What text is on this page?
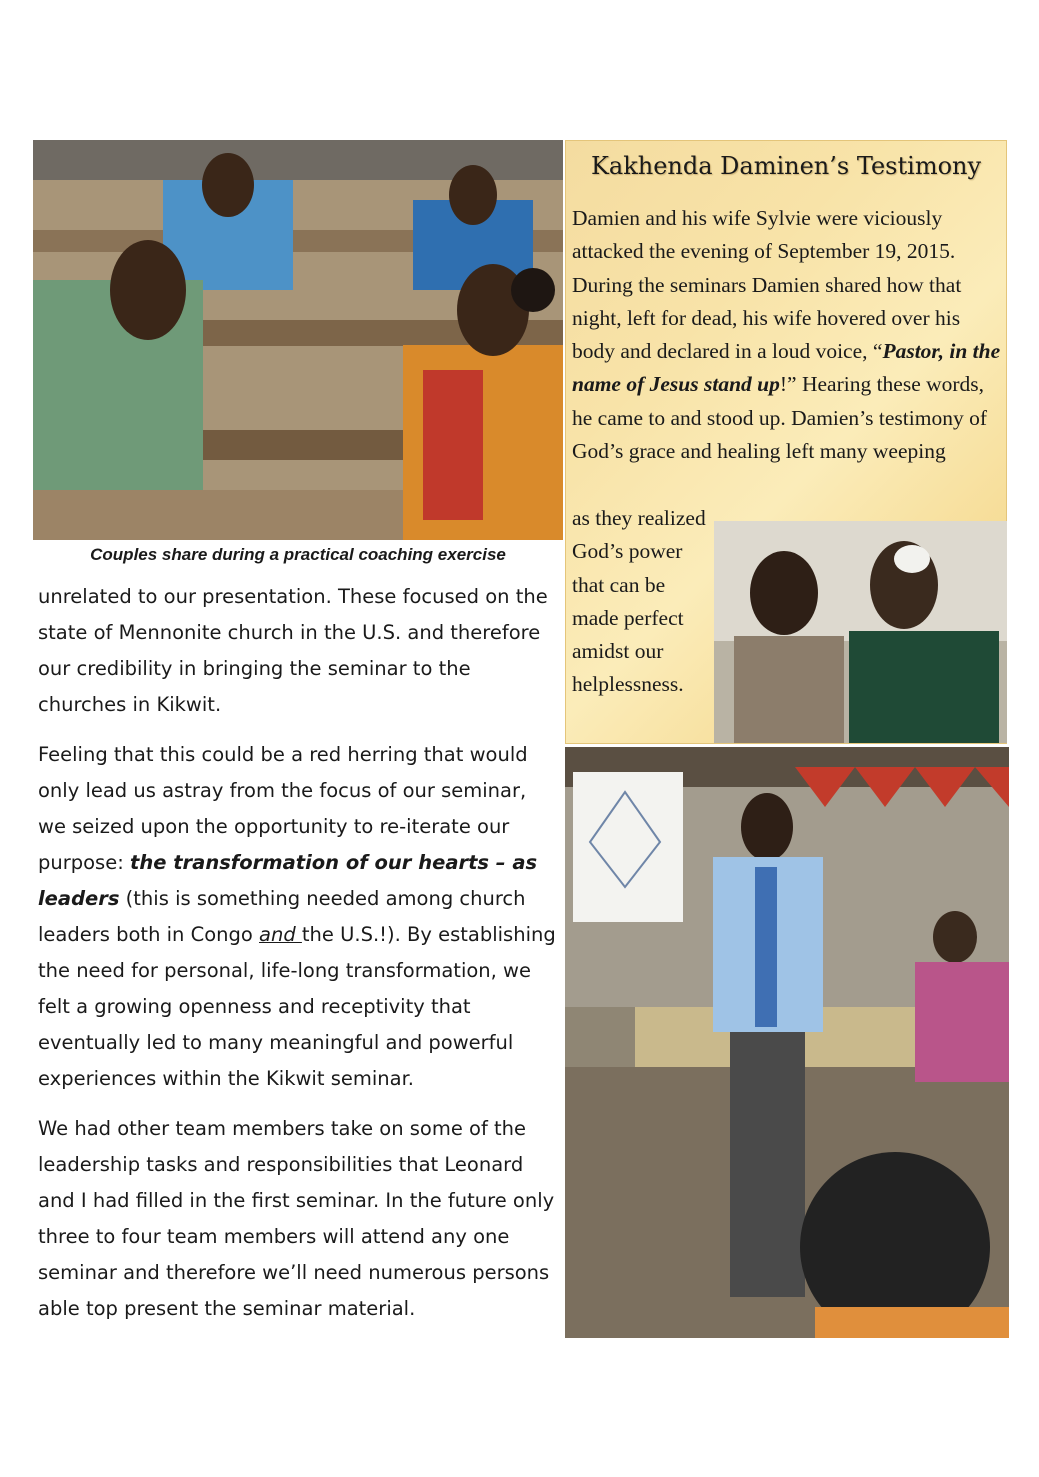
Couples share during a practical coaching exercise

unrelated to our presentation. These focused on the state of Mennonite church in the U.S. and therefore our credibility in bringing the seminar to the churches in Kikwit.

Feeling that this could be a red herring that would only lead us astray from the focus of our seminar, we seized upon the opportunity to re-iterate our purpose: the transformation of our hearts – as leaders (this is something needed among church leaders both in Congo and the U.S.!). By establishing the need for personal, life-long transformation, we felt a growing openness and receptivity that eventually led to many meaningful and powerful experiences within the Kikwit seminar.

We had other team members take on some of the leadership tasks and responsibilities that Leonard and I had filled in the first seminar. In the future only three to four team members will attend any one seminar and therefore we’ll need numerous persons able top present the seminar material.

Kakhenda Daminen’s Testimony
Damien and his wife Sylvie were viciously attacked the evening of September 19, 2015. During the seminars Damien shared how that night, left for dead, his wife hovered over his body and declared in a loud voice, “Pastor, in the name of Jesus stand up!” Hearing these words, he came to and stood up. Damien’s testimony of God’s grace and healing left many weeping
as they realized God’s power that can be made perfect amidst our helplessness.
